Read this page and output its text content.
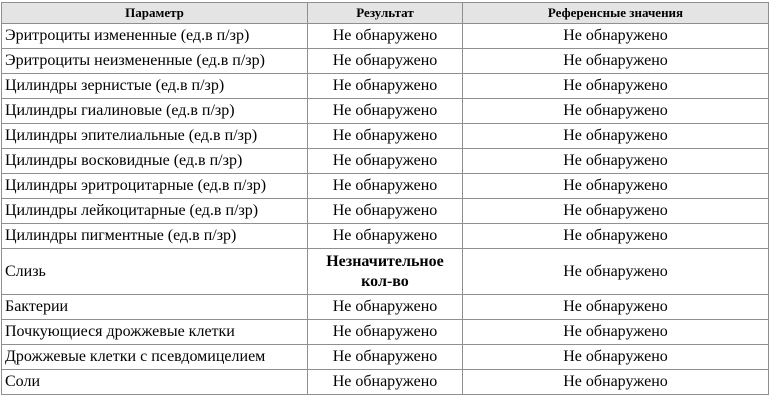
Параметр	Результат	Референсные значения
Эритроциты измененные (ед.в п/зр)	Не обнаружено	Не обнаружено
Эритроциты неизмененные (ед.в п/зр)	Не обнаружено	Не обнаружено
Цилиндры зернистые (ед.в п/зр)	Не обнаружено	Не обнаружено
Цилиндры гиалиновые (ед.в п/зр)	Не обнаружено	Не обнаружено
Цилиндры эпителиальные (ед.в п/зр)	Не обнаружено	Не обнаружено
Цилиндры восковидные (ед.в п/зр)	Не обнаружено	Не обнаружено
Цилиндры эритроцитарные (ед.в п/зр)	Не обнаружено	Не обнаружено
Цилиндры лейкоцитарные (ед.в п/зр)	Не обнаружено	Не обнаружено
Цилиндры пигментные (ед.в п/зр)	Не обнаружено	Не обнаружено
Слизь	Незначительное кол-во	Не обнаружено
Бактерии	Не обнаружено	Не обнаружено
Почкующиеся дрожжевые клетки	Не обнаружено	Не обнаружено
Дрожжевые клетки с псевдомицелием	Не обнаружено	Не обнаружено
Соли	Не обнаружено	Не обнаружено
